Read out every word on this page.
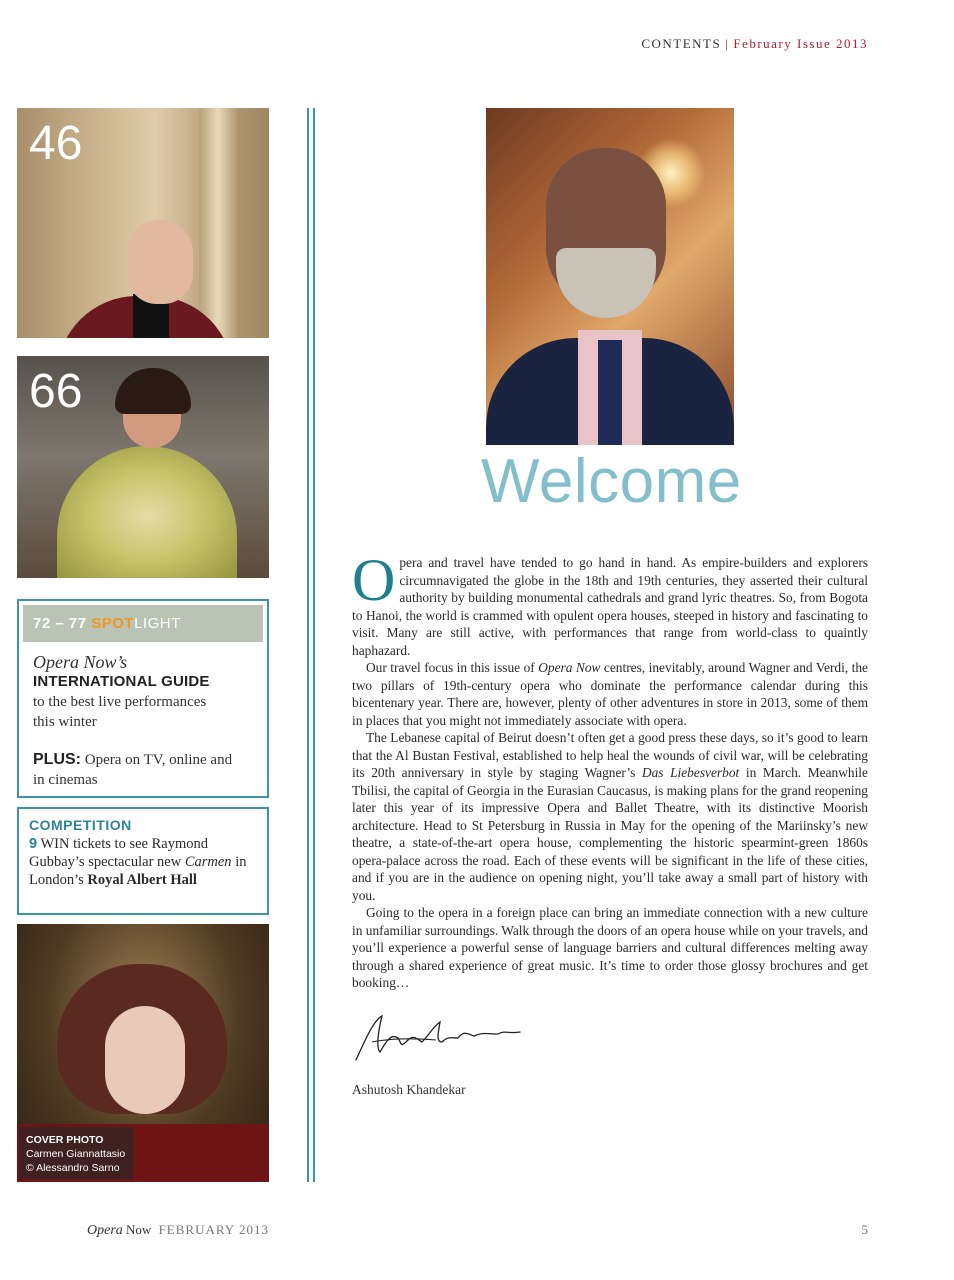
CONTENTS | February Issue 2013
46
66
72 – 77 SPOTLIGHT
Opera Now’s
INTERNATIONAL GUIDE
to the best live performances this winter
PLUS: Opera on TV, online and in cinemas
COMPETITION
9 WIN tickets to see Raymond Gubbay’s spectacular new Carmen in London’s Royal Albert Hall
COVER PHOTO
Carmen Giannattasio
© Alessandro Sarno
Welcome

Opera and travel have tended to go hand in hand. As empire-builders and explorers circumnavigated the globe in the 18th and 19th centuries, they asserted their cultural authority by building monumental cathedrals and grand lyric theatres. So, from Bogota to Hanoi, the world is crammed with opulent opera houses, steeped in history and fascinating to visit. Many are still active, with performances that range from world-class to quaintly haphazard.

Our travel focus in this issue of Opera Now centres, inevitably, around Wagner and Verdi, the two pillars of 19th-century opera who dominate the performance calendar during this bicentenary year. There are, however, plenty of other adventures in store in 2013, some of them in places that you might not immediately associate with opera.

The Lebanese capital of Beirut doesn’t often get a good press these days, so it’s good to learn that the Al Bustan Festival, established to help heal the wounds of civil war, will be celebrating its 20th anniversary in style by staging Wagner’s Das Liebesverbot in March. Meanwhile Tbilisi, the capital of Georgia in the Eurasian Caucasus, is making plans for the grand reopening later this year of its impressive Opera and Ballet Theatre, with its distinctive Moorish architecture. Head to St Petersburg in Russia in May for the opening of the Mariinsky’s new theatre, a state-of-the-art opera house, complementing the historic spearmint-green 1860s opera-palace across the road. Each of these events will be significant in the life of these cities, and if you are in the audience on opening night, you’ll take away a small part of history with you.

Going to the opera in a foreign place can bring an immediate connection with a new culture in unfamiliar surroundings. Walk through the doors of an opera house while on your travels, and you’ll experience a powerful sense of language barriers and cultural differences melting away through a shared experience of great music. It’s time to order those glossy brochures and get booking…

Ashutosh Khandekar
Opera Now FEBRUARY 2013	5
